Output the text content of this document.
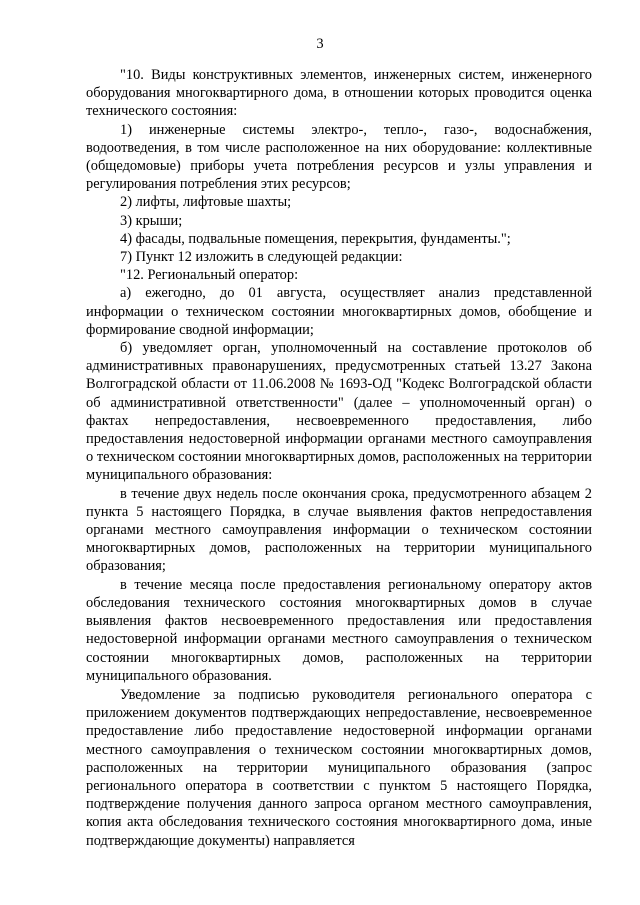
3

"10. Виды конструктивных элементов, инженерных систем, инженерного оборудования многоквартирного дома, в отношении которых проводится оценка технического состояния:

1) инженерные системы электро-, тепло-, газо-, водоснабжения, водоотведения, в том числе расположенное на них оборудование: коллективные (общедомовые) приборы учета потребления ресурсов и узлы управления и регулирования потребления этих ресурсов;

2) лифты, лифтовые шахты;

3) крыши;

4) фасады, подвальные помещения, перекрытия, фундаменты.";

7) Пункт 12 изложить в следующей редакции:

"12. Региональный оператор:

а) ежегодно, до 01 августа, осуществляет анализ представленной информации о техническом состоянии многоквартирных домов, обобщение и формирование сводной информации;

б) уведомляет орган, уполномоченный на составление протоколов об административных правонарушениях, предусмотренных статьей 13.27 Закона Волгоградской области от 11.06.2008 № 1693-ОД "Кодекс Волгоградской области об административной ответственности" (далее – уполномоченный орган) о фактах непредоставления, несвоевременного предоставления, либо предоставления недостоверной информации органами местного самоуправления о техническом состоянии многоквартирных домов, расположенных на территории муниципального образования:

в течение двух недель после окончания срока, предусмотренного абзацем 2 пункта 5 настоящего Порядка, в случае выявления фактов непредоставления органами местного самоуправления информации о техническом состоянии многоквартирных домов, расположенных на территории муниципального образования;

в течение месяца после предоставления региональному оператору актов обследования технического состояния многоквартирных домов в случае выявления фактов несвоевременного предоставления или предоставления недостоверной информации органами местного самоуправления о техническом состоянии многоквартирных домов, расположенных на территории муниципального образования.

Уведомление за подписью руководителя регионального оператора с приложением документов подтверждающих непредоставление, несвоевременное предоставление либо предоставление недостоверной информации органами местного самоуправления о техническом состоянии многоквартирных домов, расположенных на территории муниципального образования (запрос регионального оператора в соответствии с пунктом 5 настоящего Порядка, подтверждение получения данного запроса органом местного самоуправления, копия акта обследования технического состояния многоквартирного дома, иные подтверждающие документы) направляется
